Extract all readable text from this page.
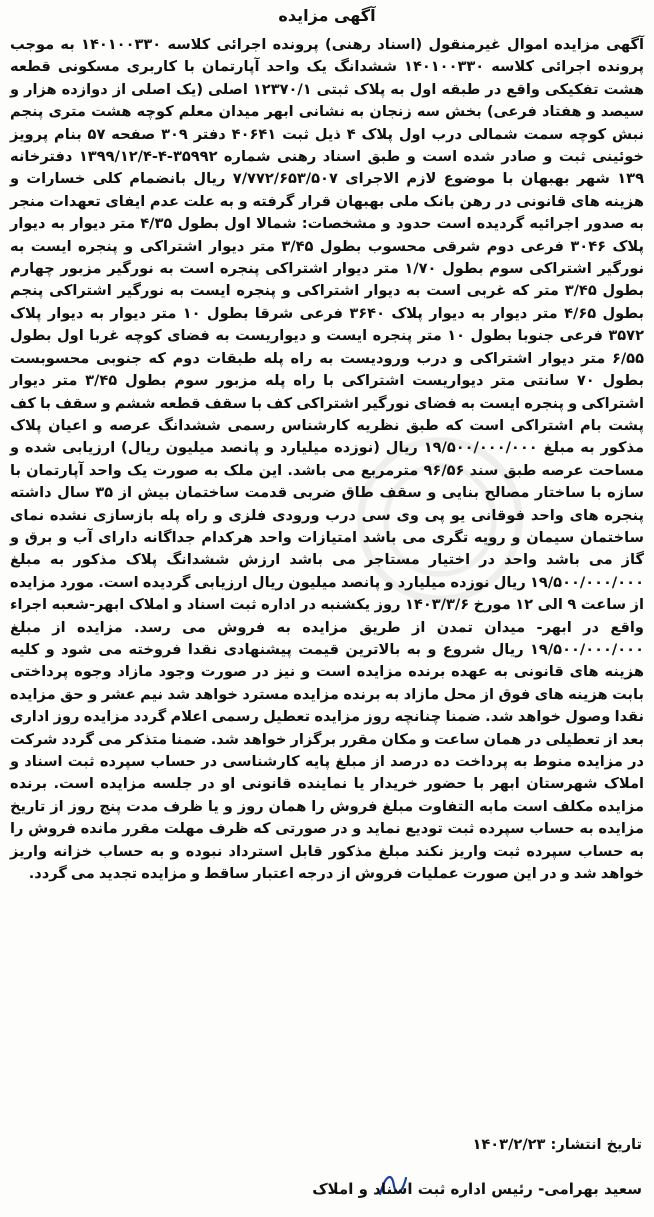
آگهی مزایده

آگهی مزایده اموال غیرمنقول (اسناد رهنی) پرونده اجرائی کلاسه ۱۴۰۱۰۰۳۳۰ به موجب پرونده اجرائی کلاسه ۱۴۰۱۰۰۳۳۰ ششدانگ یک واحد آپارتمان با کاربری مسکونی قطعه هشت تفکیکی واقع در طبقه اول به پلاک ثبتی ۱۲۳۷۰/۱ اصلی (یک اصلی از دوازده هزار و سیصد و هفتاد فرعی) بخش سه زنجان به نشانی ابهر میدان معلم کوچه هشت متری پنجم نبش کوچه سمت شمالی درب اول پلاک ۴ ذیل ثبت ۴۰۶۴۱ دفتر ۳۰۹ صفحه ۵۷ بنام پرویز خوئینی ثبت و صادر شده است و طبق اسناد رهنی شماره ۳۵۹۹۲-۴-۱۳۹۹/۱۲/۴ دفترخانه ۱۳۹ شهر بهبهان با موضوع لازم الاجرای ۷/۷۷۲/۶۵۳/۵۰۷ ریال بانضمام کلی خسارات و هزینه های قانونی در رهن بانک ملی بهبهان قرار گرفته و به علت عدم ایفای تعهدات منجر به صدور اجرائیه گردیده است حدود و مشخصات: شمالا اول بطول ۴/۳۵ متر دیوار به دیوار پلاک ۳۰۴۶ فرعی دوم شرقی محسوب بطول ۳/۴۵ متر دیوار اشتراکی و پنجره ایست به نورگیر اشتراکی سوم بطول ۱/۷۰ متر دیوار اشتراکی پنجره است به نورگیر مزبور چهارم بطول ۳/۴۵ متر که غربی است به دیوار اشتراکی و پنجره ایست به نورگیر اشتراکی پنجم بطول ۴/۶۵ متر دیوار به دیوار پلاک ۳۶۴۰ فرعی شرقا بطول ۱۰ متر دیوار به دیوار پلاک ۳۵۷۲ فرعی جنوبا بطول ۱۰ متر پنجره ایست و دیواریست به فضای کوچه غربا اول بطول ۶/۵۵ متر دیوار اشتراکی و درب ورودیست به راه پله طبقات دوم که جنوبی محسوبست بطول ۷۰ سانتی متر دیواریست اشتراکی با راه پله مزبور سوم بطول ۳/۴۵ متر دیوار اشتراکی و پنجره ایست به فضای نورگیر اشتراکی کف با سقف قطعه ششم و سقف با کف پشت بام اشتراکی است که طبق نظریه کارشناس رسمی ششدانگ عرصه و اعیان پلاک مذکور به مبلغ ۱۹/۵۰۰/۰۰۰/۰۰۰ ریال (نوزده میلیارد و پانصد میلیون ریال) ارزیابی شده و مساحت عرصه طبق سند ۹۶/۵۶ مترمربع می باشد. این ملک به صورت یک واحد آپارتمان با سازه با ساختار مصالح بنایی و سقف طاق ضربی قدمت ساختمان بیش از ۳۵ سال داشته پنجره های واحد فوقانی یو پی وی سی درب ورودی فلزی و راه پله بازسازی نشده نمای ساختمان سیمان و رویه تگری می باشد امتیازات واحد هرکدام جداگانه دارای آب و برق و گاز می باشد واحد در اختیار مستاجر می باشد ارزش ششدانگ پلاک مذکور به مبلغ ۱۹/۵۰۰/۰۰۰/۰۰۰ ریال نوزده میلیارد و پانصد میلیون ریال ارزیابی گردیده است. مورد مزایده از ساعت ۹ الی ۱۲ مورخ ۱۴۰۳/۳/۶ روز یکشنبه در اداره ثبت اسناد و املاک ابهر-شعبه اجراء واقع در ابهر- میدان تمدن از طریق مزایده به فروش می رسد. مزایده از مبلغ ۱۹/۵۰۰/۰۰۰/۰۰۰ ریال شروع و به بالاترین قیمت پیشنهادی نقدا فروخته می شود و کلیه هزینه های قانونی به عهده برنده مزایده است و نیز در صورت وجود مازاد وجوه پرداختی بابت هزینه های فوق از محل مازاد به برنده مزایده مسترد خواهد شد نیم عشر و حق مزایده نقدا وصول خواهد شد. ضمنا چنانچه روز مزایده تعطیل رسمی اعلام گردد مزایده روز اداری بعد از تعطیلی در همان ساعت و مکان مقرر برگزار خواهد شد. ضمنا متذکر می گردد شرکت در مزایده منوط به پرداخت ده درصد از مبلغ پایه کارشناسی در حساب سپرده ثبت اسناد و املاک شهرستان ابهر با حضور خریدار یا نماینده قانونی او در جلسه مزایده است. برنده مزایده مکلف است مابه التفاوت مبلغ فروش را همان روز و یا ظرف مدت پنج روز از تاریخ مزایده به حساب سپرده ثبت تودیع نماید و در صورتی که ظرف مهلت مقرر مانده فروش را به حساب سپرده ثبت واریز نکند مبلغ مذکور قابل استرداد نبوده و به حساب خزانه واریز خواهد شد و در این صورت عملیات فروش از درجه اعتبار ساقط و مزایده تجدید می گردد.

تاریخ انتشار: ۱۴۰۳/۲/۲۳
سعید بهرامی- رئیس اداره ثبت اسناد و املاک
